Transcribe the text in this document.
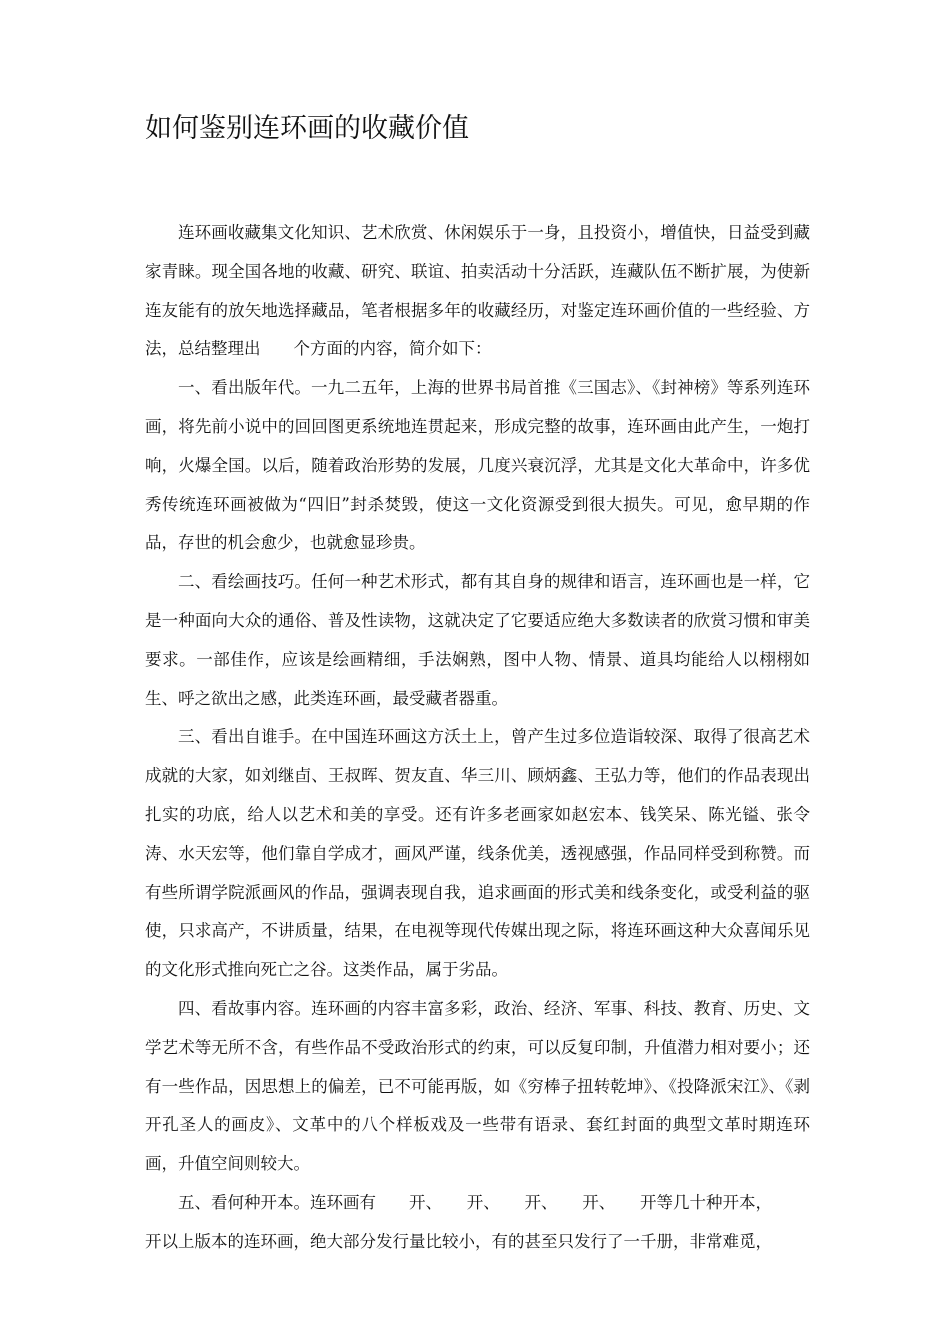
如何鉴别连环画的收藏价值

连环画收藏集文化知识、艺术欣赏、休闲娱乐于一身，且投资小，增值快，日益受到藏家青睐。现全国各地的收藏、研究、联谊、拍卖活动十分活跃，连藏队伍不断扩展，为使新连友能有的放矢地选择藏品，笔者根据多年的收藏经历，对鉴定连环画价值的一些经验、方法，总结整理出　　个方面的内容，简介如下：

一、看出版年代。一九二五年，上海的世界书局首推《三国志》、《封神榜》等系列连环画，将先前小说中的回回图更系统地连贯起来，形成完整的故事，连环画由此产生，一炮打响，火爆全国。以后，随着政治形势的发展，几度兴衰沉浮，尤其是文化大革命中，许多优秀传统连环画被做为“四旧”封杀焚毁，使这一文化资源受到很大损失。可见，愈早期的作品，存世的机会愈少，也就愈显珍贵。

二、看绘画技巧。任何一种艺术形式，都有其自身的规律和语言，连环画也是一样，它是一种面向大众的通俗、普及性读物，这就决定了它要适应绝大多数读者的欣赏习惯和审美要求。一部佳作，应该是绘画精细，手法娴熟，图中人物、情景、道具均能给人以栩栩如生、呼之欲出之感，此类连环画，最受藏者器重。

三、看出自谁手。在中国连环画这方沃土上，曾产生过多位造诣较深、取得了很高艺术成就的大家，如刘继卣、王叔晖、贺友直、华三川、顾炳鑫、王弘力等，他们的作品表现出扎实的功底，给人以艺术和美的享受。还有许多老画家如赵宏本、钱笑呆、陈光镒、张令涛、水天宏等，他们靠自学成才，画风严谨，线条优美，透视感强，作品同样受到称赞。而有些所谓学院派画风的作品，强调表现自我，追求画面的形式美和线条变化，或受利益的驱使，只求高产，不讲质量，结果，在电视等现代传媒出现之际，将连环画这种大众喜闻乐见的文化形式推向死亡之谷。这类作品，属于劣品。

四、看故事内容。连环画的内容丰富多彩，政治、经济、军事、科技、教育、历史、文学艺术等无所不含，有些作品不受政治形式的约束，可以反复印制，升值潜力相对要小；还有一些作品，因思想上的偏差，已不可能再版，如《穷棒子扭转乾坤》、《投降派宋江》、《剥开孔圣人的画皮》、文革中的八个样板戏及一些带有语录、套红封面的典型文革时期连环画，升值空间则较大。

五、看何种开本。连环画有　　开、　　开、　　开、　　开、　　开等几十种开本，

开以上版本的连环画，绝大部分发行量比较小，有的甚至只发行了一千册，非常难觅，
